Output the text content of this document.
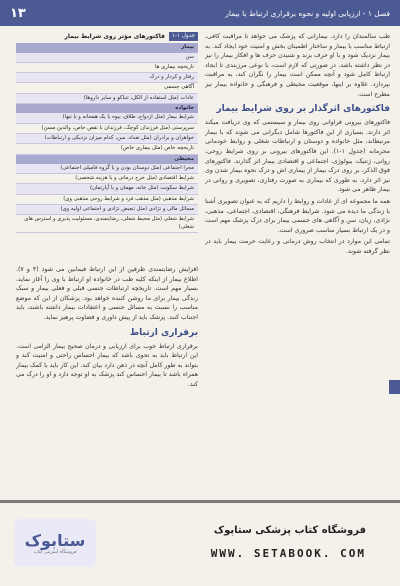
۱۳	فصل ۱ - ارزیابی اولیه و نحوه برقراری ارتباط با بیمار
جدول ۱-۱
فاکتورهای مؤثر روی شرایط بیمار
بیمار
سن
تاریخچه بیماری ها
رفتار و کردار و درک
آگاهی جسمی
عادات (مثل استفاده از الکل، تنباکو و سایر داروها)
خانواده
شرایط بیمار (مثل ازدواج، طلاق، بیوه یا یک همخانه و یا تنها)
سرپرستی (مثل فرزندان کوچک، فرزندان با نقص خاص، والدین مسن)
خواهران و برادران (مثل تعداد، سن، کدام میزان نزدیکی و ارتباطات)
تاریخچه خاص (مثل بیماری خاص)
محیطی
مجرا اجتماعی (مثل دوستان بودن و یا گروه فامیلی اجتماعی)
شرایط اقتصادی (مثل خرج درمانی و یا هزینه شخصی)
شرایط سکونت (مثل خانه، مهمان و یا آپارتمان)
شرایط مذهبی (مثل مذهب فرد و شرایط روحی مذهبی وی)
مسائل مالی و نژادی (مثل تبعیض نژادی و اجتماعی اولیه وی)
شرایط شغلی (مثل محیط شغلی، رضایتمندی، مسئولیت پذیری و استرس های شغلی)

طب سالمندان را دارد. بیمارانی که پزشک می خواهد تا مراقبت کافی، ارتباط مناسب با بیمار و ساختار اطمینان بخش و امنیت خود ایجاد کند. به بیمار نزدیک شود و با او حرف بزند و شنیدن حرف ها و افکار بیمار را نیز در نظر داشته باشد. در صورتی که لازم است، با نوعی مرزبندی تا ایجاد ارتباط کامل شود و آنچه ممکن است بیمار را نگران کند، به مراقبت بپردازد. علاوه بر اینها، موقعیت محیطی و فرهنگی و خانواده بیمار نیز مطرح است.

فاکتورهای اثرگذار بر روی شرایط بیمار

فاکتورهای بیرونی فراوانی روی بیمار و سیستمی که وی دریافت میکند اثر دارند. بسیاری از این فاکتورها شامل دیگرانی می شوند که با بیمار مرتبطاند، مثل خانواده و دوستان و ارتباطات شغلی و روابط خودمانی محرمانه (جدول ۱-۱). این فاکتورهای بیرونی بر روی شرایط روحی، روانی، ژنتیک، بیولوژی، اجتماعی و اقتصادی بیمار اثر گذارند. فاکتورهای فوق الذکر، بر روی درک بیمار از بیماری اش و درک نحوه بیمار شدن وی نیز اثر دارد. به طوری که بیماری به صورت رفتاری، تصویری و روانی در بیمار ظاهر می شود.

همه ما مجموعه ای از عادات و روابط را داریم که به عنوان تصویری آشنا با زندگی ما دیده می شود. شرایط فرهنگی، اقتصادی، اجتماعی، مذهبی، نژادی، زبان، سن و آگاهی های جسمی بیمار برای درک پزشک مهم است و در یک ارتباط بسیار مناسب ضروری است.

تمامی این موارد در انتخاب روش درمانی و رعایت حرمت بیمار باید در نظر گرفته شوند.

افزایش رضایتمندی طرفین از این ارتباط فیمابین می شود (۴ و ۷). اطلاع بیمار از اینکه کلیه طب در خانواده او ارتباط با وی را آغاز نماید، بسیار مهم است. تاریخچه ارتباطات جنسی قبلی و فعلی بیمار و سبک زندگی بیمار برای ما روشن کننده خواهد بود. پزشکان از این که موضع مناسب را نسبت به مسائل جنسی و اعتقادات بیمار داشته باشند، باید اجتناب کنند. پزشک باید از پیش داوری و قضاوت پرهیز نماید.

برقراری ارتباط

برقراری ارتباط خوب برای ارزیابی و درمان صحیح بیمار الزامی است. این ارتباط باید به نحوی باشد که بیمار احساس راحتی و امنیت کند و بتواند به طور کامل آنچه در ذهن دارد بیان کند. این کار باید با کمک بیمار همراه باشد تا بیمار احساس کند پزشک به او توجه دارد و او را درک می کند.

ستابوک
فروشگاه اینترنتی کتاب
فروشگاه کتاب پزشکی ستاپوک
WWW. SETABOOK. COM
